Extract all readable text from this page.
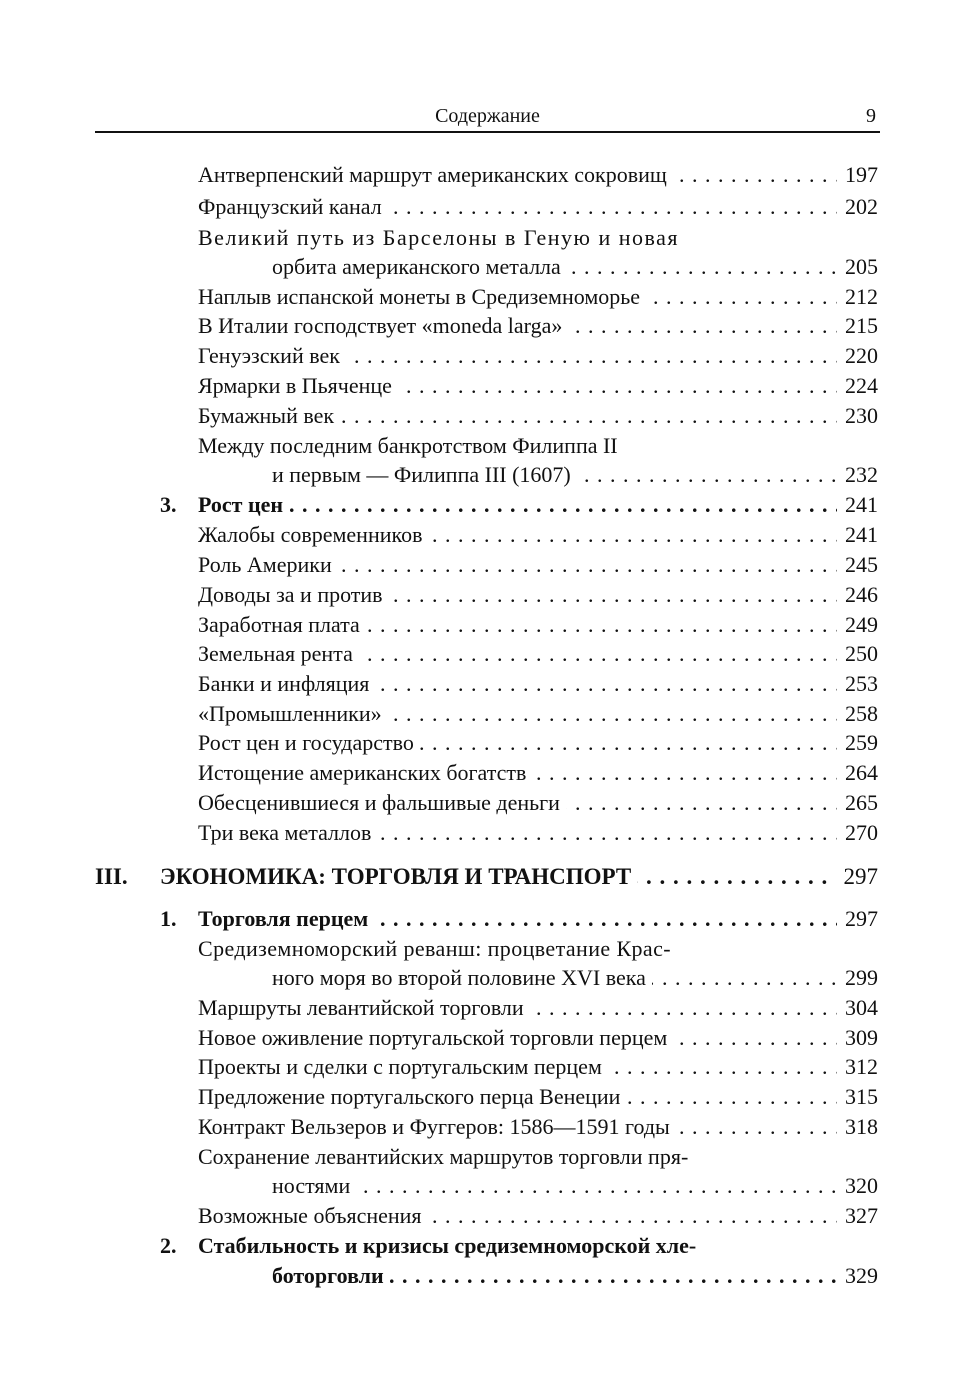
Содержание	9
. . . Антверпенский маршрут американских сокровищ	197
. . . Французский канал	202
Великий путь из Барселоны в Геную и новая
. . . орбита американского металла	205
. . . Наплыв испанской монеты в Средиземноморье	212
. . . В Италии господствует «moneda larga»	215
. . . Генуэзский век	220
. . . Ярмарки в Пьяченце	224
. . . Бумажный век	230
Между последним банкротством Филиппа II
. . . и первым — Филиппа III (1607)	232
3. . . . Рост цен	241
. . . Жалобы современников	241
. . . Роль Америки	245
. . . Доводы за и против	246
. . . Заработная плата	249
. . . Земельная рента	250
. . . Банки и инфляция	253
. . . «Промышленники»	258
. . . Рост цен и государство	259
. . . Истощение американских богатств	264
. . . Обесценившиеся и фальшивые деньги	265
. . . Три века металлов	270
III. . . . ЭКОНОМИКА: ТОРГОВЛЯ И ТРАНСПОРТ	297
1. . . . Торговля перцем	297
Средиземноморский реванш: процветание Крас-
. . . ного моря во второй половине XVI века	299
. . . Маршруты левантийской торговли	304
. . . Новое оживление португальской торговли перцем	309
. . . Проекты и сделки с португальским перцем	312
. . . Предложение португальского перца Венеции	315
. . . Контракт Вельзеров и Фуггеров: 1586—1591 годы	318
Сохранение левантийских маршрутов торговли пря-
. . . ностями	320
. . . Возможные объяснения	327
2. Стабильность и кризисы средиземноморской хле-
. . . боторговли	329
